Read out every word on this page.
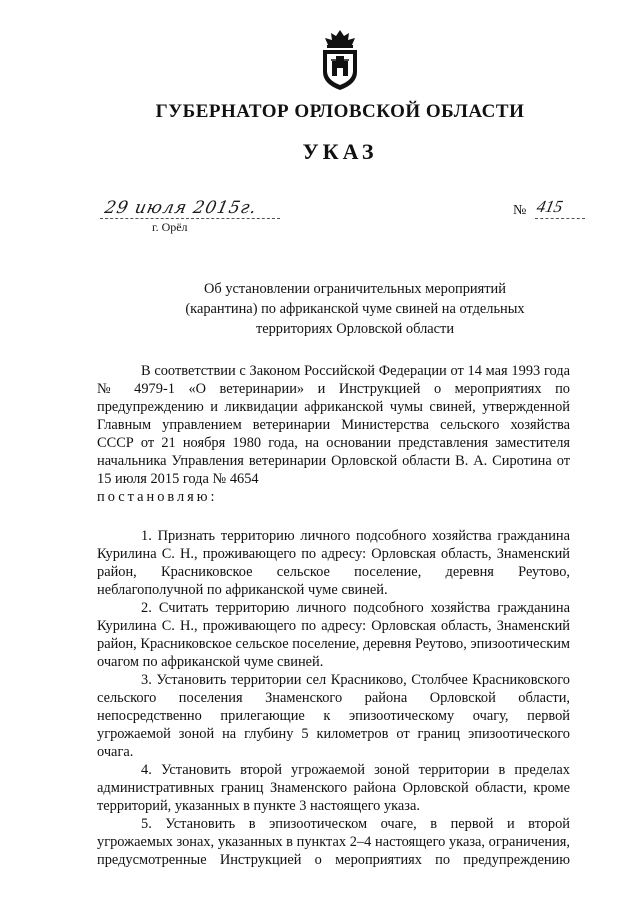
ГУБЕРНАТОР ОРЛОВСКОЙ ОБЛАСТИ
УКАЗ
29 июля 2015г.
г. Орёл
№ 415
Об установлении ограничительных мероприятий
(карантина) по африканской чуме свиней на отдельных
территориях Орловской области

В соответствии с Законом Российской Федерации от 14 мая 1993 года № 4979-1 «О ветеринарии» и Инструкцией о мероприятиях по предупреждению и ликвидации африканской чумы свиней, утвержденной Главным управлением ветеринарии Министерства сельского хозяйства СССР от 21 ноября 1980 года, на основании представления заместителя начальника Управления ветеринарии Орловской области В. А. Сиротина от 15 июля 2015 года № 4654
постановляю:

1. Признать территорию личного подсобного хозяйства гражданина Курилина С. Н., проживающего по адресу: Орловская область, Знаменский район, Красниковское сельское поселение, деревня Реутово, неблагополучной по африканской чуме свиней.

2. Считать территорию личного подсобного хозяйства гражданина Курилина С. Н., проживающего по адресу: Орловская область, Знаменский район, Красниковское сельское поселение, деревня Реутово, эпизоотическим очагом по африканской чуме свиней.

3. Установить территории сел Красниково, Столбчее Красниковского сельского поселения Знаменского района Орловской области, непосредственно прилегающие к эпизоотическому очагу, первой угрожаемой зоной на глубину 5 километров от границ эпизоотического очага.

4. Установить второй угрожаемой зоной территории в пределах административных границ Знаменского района Орловской области, кроме территорий, указанных в пункте 3 настоящего указа.

5. Установить в эпизоотическом очаге, в первой и второй угрожаемых зонах, указанных в пунктах 2–4 настоящего указа, ограничения, предусмотренные Инструкцией о мероприятиях по предупреждению
